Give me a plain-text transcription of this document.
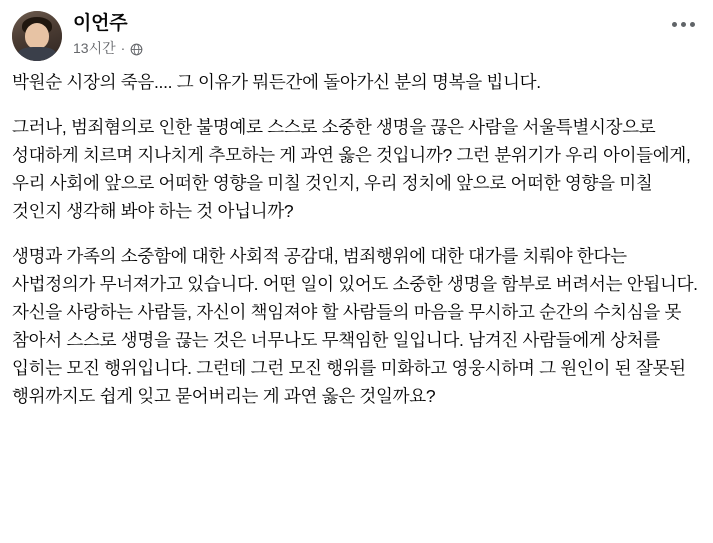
이언주
13시간 ·

박원순 시장의 죽음.... 그 이유가 뭐든간에 돌아가신 분의 명복을 빕니다.

그러나, 범죄혐의로 인한 불명예로 스스로 소중한 생명을 끊은 사람을 서울특별시장으로 성대하게 치르며 지나치게 추모하는 게 과연 옳은 것입니까? 그런 분위기가 우리 아이들에게, 우리 사회에 앞으로 어떠한 영향을 미칠 것인지, 우리 정치에 앞으로 어떠한 영향을 미칠 것인지 생각해 봐야 하는 것 아닙니까?

생명과 가족의 소중함에 대한 사회적 공감대, 범죄행위에 대한 대가를 치뤄야 한다는 사법정의가 무너져가고 있습니다. 어떤 일이 있어도 소중한 생명을 함부로 버려서는 안됩니다. 자신을 사랑하는 사람들, 자신이 책임져야 할 사람들의 마음을 무시하고 순간의 수치심을 못 참아서 스스로 생명을 끊는 것은 너무나도 무책임한 일입니다. 남겨진 사람들에게 상처를 입히는 모진 행위입니다. 그런데 그런 모진 행위를 미화하고 영웅시하며 그 원인이 된 잘못된 행위까지도 쉽게 잊고 묻어버리는 게 과연 옳은 것일까요?
